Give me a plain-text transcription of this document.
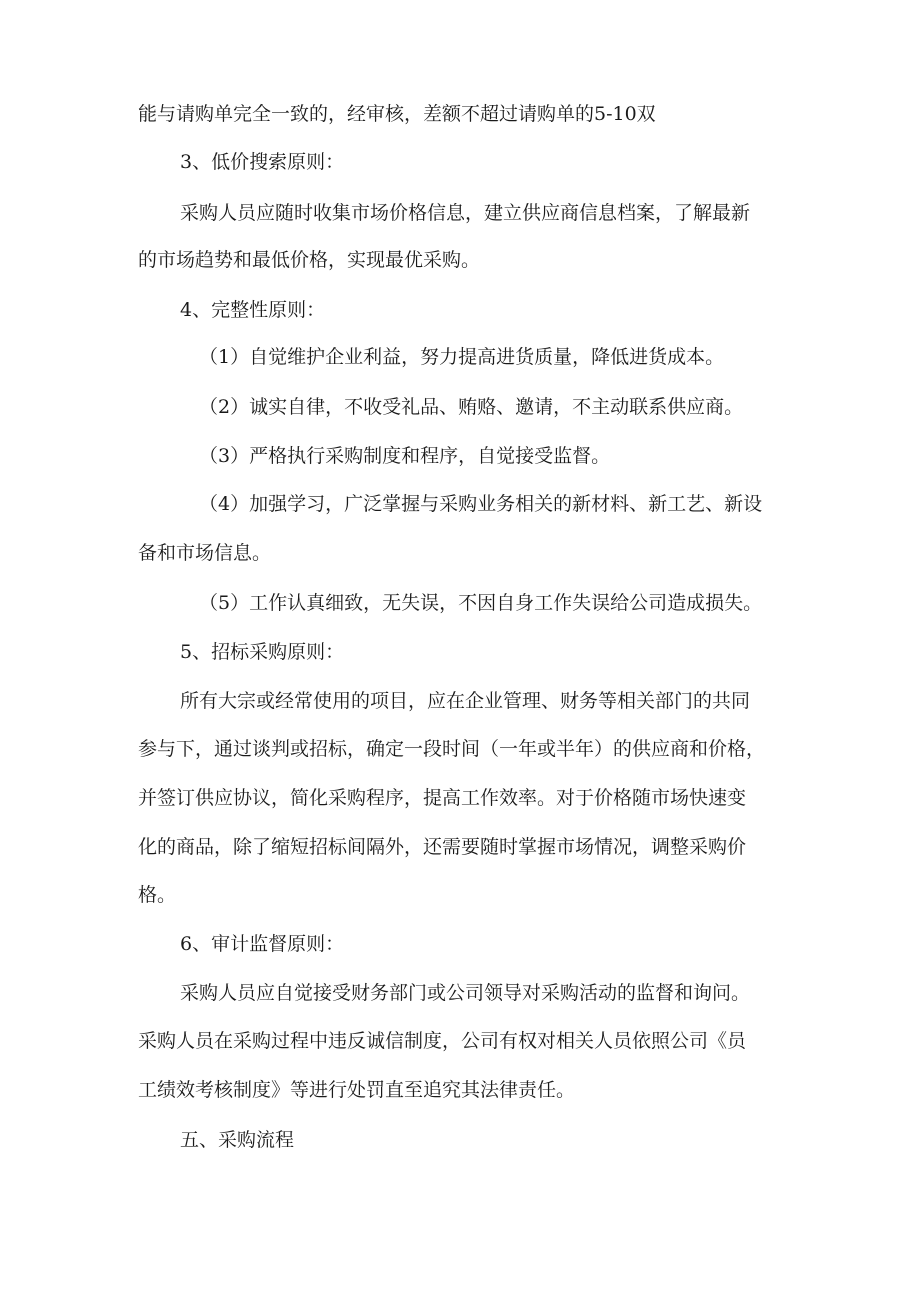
能与请购单完全一致的，经审核，差额不超过请购单的5-10双
3、低价搜索原则：
采购人员应随时收集市场价格信息，建立供应商信息档案，了解最新
的市场趋势和最低价格，实现最优采购。
4、完整性原则：
（1）自觉维护企业利益，努力提高进货质量，降低进货成本。
（2）诚实自律，不收受礼品、贿赂、邀请，不主动联系供应商。
（3）严格执行采购制度和程序，自觉接受监督。
（4）加强学习，广泛掌握与采购业务相关的新材料、新工艺、新设
备和市场信息。
（5）工作认真细致，无失误，不因自身工作失误给公司造成损失。
5、招标采购原则：
所有大宗或经常使用的项目，应在企业管理、财务等相关部门的共同
参与下，通过谈判或招标，确定一段时间（一年或半年）的供应商和价格，
并签订供应协议，简化采购程序，提高工作效率。对于价格随市场快速变
化的商品，除了缩短招标间隔外，还需要随时掌握市场情况，调整采购价
格。
6、审计监督原则：
采购人员应自觉接受财务部门或公司领导对采购活动的监督和询问。
采购人员在采购过程中违反诚信制度，公司有权对相关人员依照公司《员
工绩效考核制度》等进行处罚直至追究其法律责任。
五、采购流程
